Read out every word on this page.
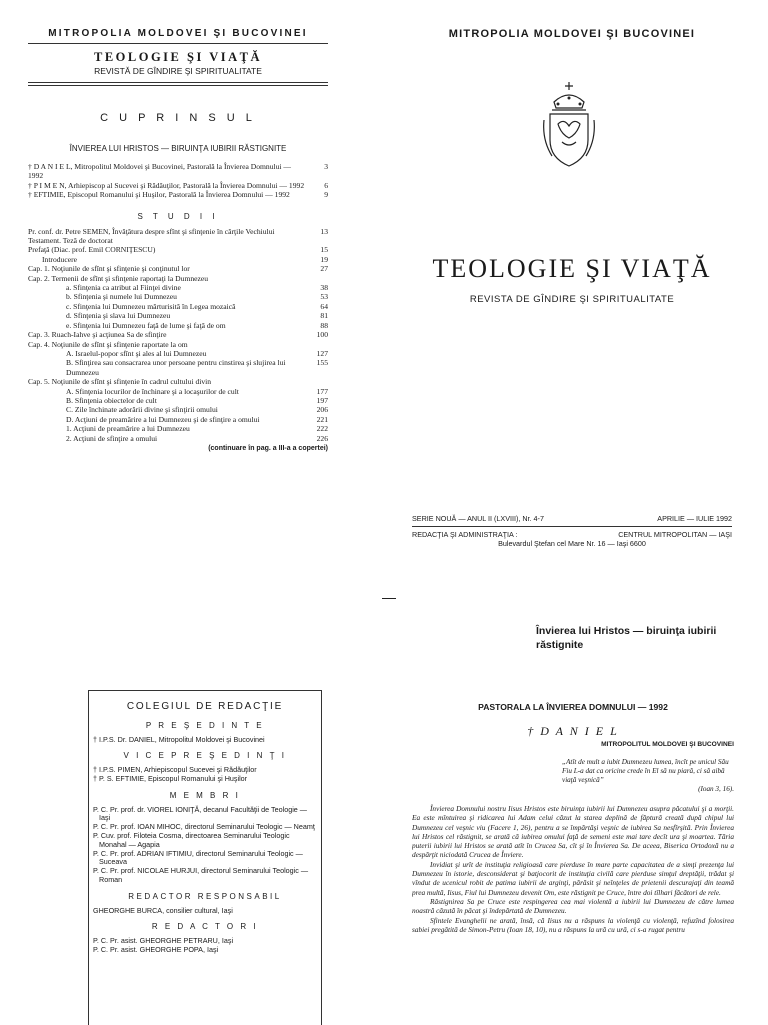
MITROPOLIA MOLDOVEI ŞI BUCOVINEI
TEOLOGIE ŞI VIAŢĂ
REVISTĂ DE GÎNDIRE ŞI SPIRITUALITATE
C U P R I N S U L
ÎNVIEREA LUI HRISTOS — BIRUINŢA IUBIRII RĂSTIGNITE
† D A N I E L, Mitropolitul Moldovei şi Bucovinei, Pastorală la Învierea Domnului — 1992
3
† P I M E N, Arhiepiscop al Sucevei şi Rădăuţilor, Pastorală la Învierea Domnului — 1992	6
† EFTIMIE, Episcopul Romanului şi Huşilor, Pastorală la Învierea Domnului — 1992	9
S T U D I I
Pr. conf. dr. Petre SEMEN, Învăţătura despre sfînt şi sfinţenie în cărţile Vechiului Testament. Teză de doctorat
13
Prefaţă (Diac. prof. Emil CORNIŢESCU)	15
Introducere	19
Cap. 1. Noţiunile de sfînt şi sfinţenie şi conţinutul lor	27
Cap. 2. Termenii de sfînt şi sfinţenie raportaţi la Dumnezeu
a. Sfinţenia ca atribut al Fiinţei divine	38
b. Sfinţenia şi numele lui Dumnezeu	53
c. Sfinţenia lui Dumnezeu mărturisită în Legea mozaică	64
d. Sfinţenia şi slava lui Dumnezeu	81
e. Sfinţenia lui Dumnezeu faţă de lume şi faţă de om	88
Cap. 3. Ruach-Iahve şi acţiunea Sa de sfinţire	100
Cap. 4. Noţiunile de sfînt şi sfinţenie raportate la om
A. Israelul-popor sfînt şi ales al lui Dumnezeu	127
B. Sfinţirea sau consacrarea unor persoane pentru cinstirea şi slujirea lui Dumnezeu
155
Cap. 5. Noţiunile de sfînt şi sfinţenie în cadrul cultului divin
A. Sfinţenia locurilor de închinare şi a locaşurilor de cult	177
B. Sfinţenia obiectelor de cult	197
C. Zile închinate adorării divine şi sfinţirii omului	206
D. Acţiuni de preamărire a lui Dumnezeu şi de sfinţire a omului	221
1. Acţiuni de preamărire a lui Dumnezeu	222
2. Acţiuni de sfinţire a omului	226
(continuare în pag. a III-a a copertei)
MITROPOLIA MOLDOVEI ŞI BUCOVINEI
TEOLOGIE ŞI VIAŢĂ
REVISTA DE GÎNDIRE ŞI SPIRITUALITATE
SERIE NOUĂ — ANUL II (LXVIII), Nr. 4-7	APRILIE — IULIE 1992
REDACŢIA ŞI ADMINISTRAŢIA :	CENTRUL MITROPOLITAN — IAŞI
Bulevardul Ştefan cel Mare Nr. 16 — Iaşi 6600
Învierea lui Hristos — biruinţa iubirii răstignite
COLEGIUL DE REDACŢIE
P R E Ş E D I N T E
† I.P.S. Dr. DANIEL, Mitropolitul Moldovei şi Bucovinei
V I C E P R E Ş E D I N Ţ I
† I.P.S. PIMEN, Arhiepiscopul Sucevei şi Rădăuţilor
† P. S. EFTIMIE, Episcopul Romanului şi Huşilor
M E M B R I
P. C. Pr. prof. dr. VIOREL IONIŢĂ, decanul Facultăţii de Teologie — Iaşi
P. C. Pr. prof. IOAN MIHOC, directorul Seminarului Teologic — Neamţ
P. Cuv. prof. Filoteia Cosma, directoarea Seminarului Teologic Monahal — Agapia
P. C. Pr. prof. ADRIAN IFTIMIU, directorul Seminarului Teologic — Suceava
P. C. Pr. prof. NICOLAE HURJUI, directorul Seminarului Teologic — Roman
REDACTOR RESPONSABIL
GHEORGHE BURCA, consilier cultural, Iaşi
R E D A C T O R I
P. C. Pr. asist. GHEORGHE PETRARU, Iaşi
P. C. Pr. asist. GHEORGHE POPA, Iaşi
PASTORALA LA ÎNVIEREA DOMNULUI — 1992
† D A N I E L
MITROPOLITUL MOLDOVEI ŞI BUCOVINEI
„Atît de mult a iubit Dumnezeu lumea, încît pe unicul Său Fiu L-a dat ca oricine crede în El să nu piară, ci să aibă viaţă veşnică”
(Ioan 3, 16).

Învierea Domnului nostru Iisus Hristos este biruinţa iubirii lui Dumnezeu asupra păcatului şi a morţii. Ea este mîntuirea şi ridicarea lui Adam celui căzut la starea deplină de făptură creată după chipul lui Dumnezeu cel veşnic viu (Facere 1, 26), pentru a se împărtăşi veşnic de iubirea Sa nesfîrşită. Prin Învierea lui Hristos cel răstignit, se arată că iubirea omului faţă de semeni este mai tare decît ura şi moartea. Tăria puterii iubirii lui Hristos se arată atît în Crucea Sa, cît şi în Învierea Sa. De aceea, Biserica Ortodoxă nu a despărţit niciodată Crucea de Înviere.

Invidiat şi urît de instituţia religioasă care pierduse în mare parte capacitatea de a simţi prezenţa lui Dumnezeu în istorie, desconsiderat şi batjocorit de instituţia civilă care pierduse simţul dreptăţii, trădat şi vîndut de ucenicul robit de patima iubirii de arginţi, părăsit şi neînţeles de prietenii descurajaţi din teamă prea multă, Iisus, Fiul lui Dumnezeu devenit Om, este răstignit pe Cruce, între doi tîlhari făcători de rele.

Răstignirea Sa pe Cruce este respingerea cea mai violentă a iubirii lui Dumnezeu de către lumea noastră căzută în păcat şi îndepărtată de Dumnezeu.

Sfintele Evanghelii ne arată, însă, că Iisus nu a răspuns la violenţă cu violenţă, refuzînd folosirea sabiei pregătită de Simon-Petru (Ioan 18, 10), nu a răspuns la ură cu ură, ci s-a rugat pentru
